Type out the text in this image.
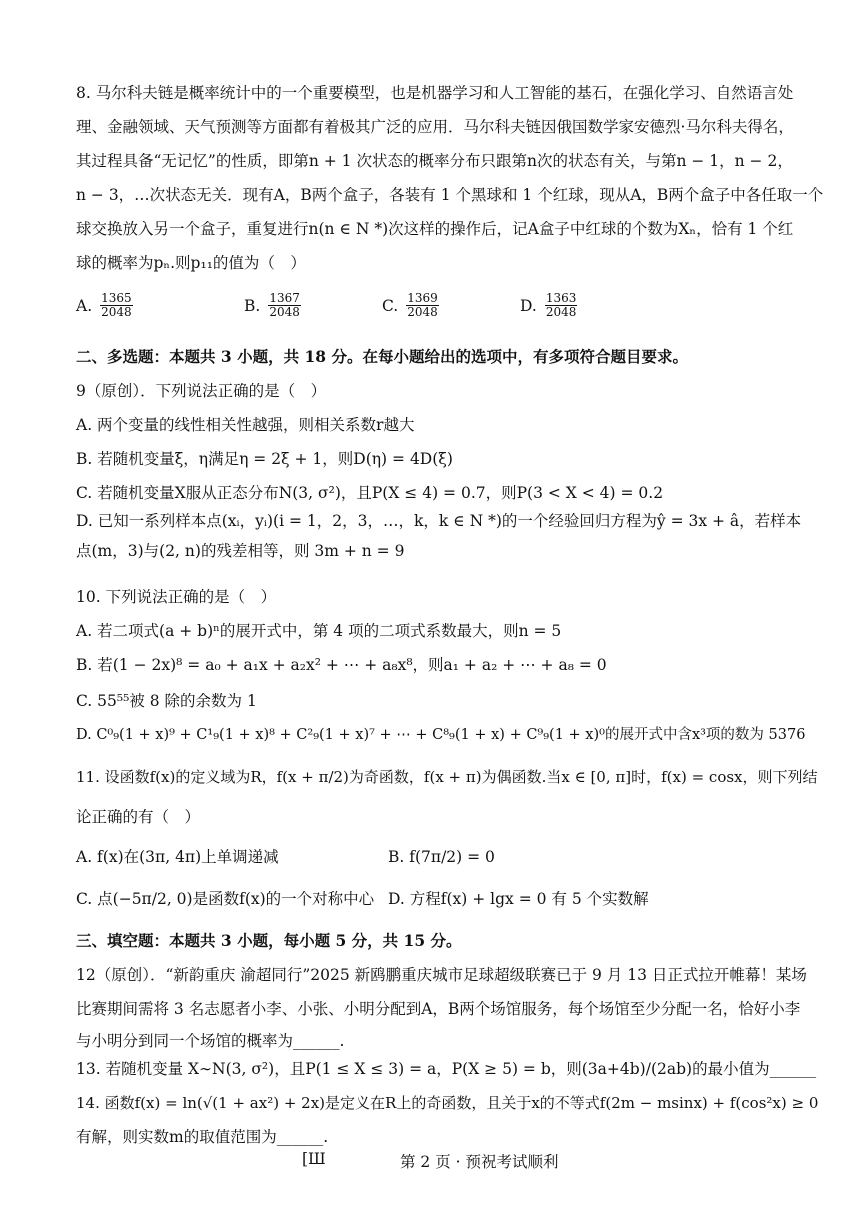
8. 马尔科夫链是概率统计中的一个重要模型，也是机器学习和人工智能的基石，在强化学习、自然语言处
理、金融领域、天气预测等方面都有着极其广泛的应用．马尔科夫链因俄国数学家安德烈·马尔科夫得名，
其过程具备“无记忆”的性质，即第n + 1 次状态的概率分布只跟第n次的状态有关，与第n − 1，n − 2，
n − 3，…次状态无关．现有A，B两个盒子，各装有 1 个黑球和 1 个红球，现从A，B两个盒子中各任取一个
球交换放入另一个盒子，重复进行n(n ∈ N *)次这样的操作后，记A盒子中红球的个数为Xₙ，恰有 1 个红
球的概率为pₙ.则p₁₁的值为（　）
A. $\frac{1365}{2048}$	B. $\frac{1367}{2048}$	C. $\frac{1369}{2048}$	D. $\frac{1363}{2048}$
二、多选题：本题共 3 小题，共 18 分。在每小题给出的选项中，有多项符合题目要求。
9（原创）．下列说法正确的是（　）
A. 两个变量的线性相关性越强，则相关系数r越大
B. 若随机变量ξ，η满足η = 2ξ + 1，则D(η) = 4D(ξ)
C. 若随机变量X服从正态分布N(3, σ²)，且P(X ≤ 4) = 0.7，则P(3 < X < 4) = 0.2
D. 已知一系列样本点(xᵢ，yᵢ)(i = 1，2，3，…，k，k ∈ N *)的一个经验回归方程为ŷ = 3x + â，若样本
点(m，3)与(2, n)的残差相等，则 3m + n = 9
10. 下列说法正确的是（　）
A. 若二项式(a + b)ⁿ的展开式中，第 4 项的二项式系数最大，则n = 5
B. 若(1 − 2x)⁸ = a₀ + a₁x + a₂x² + ⋯ + a₈x⁸，则a₁ + a₂ + ⋯ + a₈ = 0
C. 55⁵⁵被 8 除的余数为 1
D. C⁰₉(1 + x)⁹ + C¹₉(1 + x)⁸ + C²₉(1 + x)⁷ + ⋯ + C⁸₉(1 + x) + C⁹₉(1 + x)⁰的展开式中含x³项的数为 5376
11. 设函数f(x)的定义域为R，f(x + π/2)为奇函数，f(x + π)为偶函数.当x ∈ [0, π]时，f(x) = cosx，则下列结
论正确的有（　）
A. f(x)在(3π, 4π)上单调递减	B. f(7π/2) = 0
C. 点(−5π/2, 0)是函数f(x)的一个对称中心 D. 方程f(x) + lgx = 0 有 5 个实数解
三、填空题：本题共 3 小题，每小题 5 分，共 15 分。
12（原创）．“新韵重庆 渝超同行”2025 新鸥鹏重庆城市足球超级联赛已于 9 月 13 日正式拉开帷幕！某场
比赛期间需将 3 名志愿者小李、小张、小明分配到A，B两个场馆服务，每个场馆至少分配一名，恰好小李
与小明分到同一个场馆的概率为______.
13. 若随机变量 X∼N(3, σ²)，且P(1 ≤ X ≤ 3) = a，P(X ≥ 5) = b，则(3a+4b)/(2ab)的最小值为______
14. 函数f(x) = ln(√(1 + ax²) + 2x)是定义在R上的奇函数，且关于x的不等式f(2m − msinx) + f(cos²x) ≥ 0
有解，则实数m的取值范围为______.
[Ш	第 2 页 · 预祝考试顺利
